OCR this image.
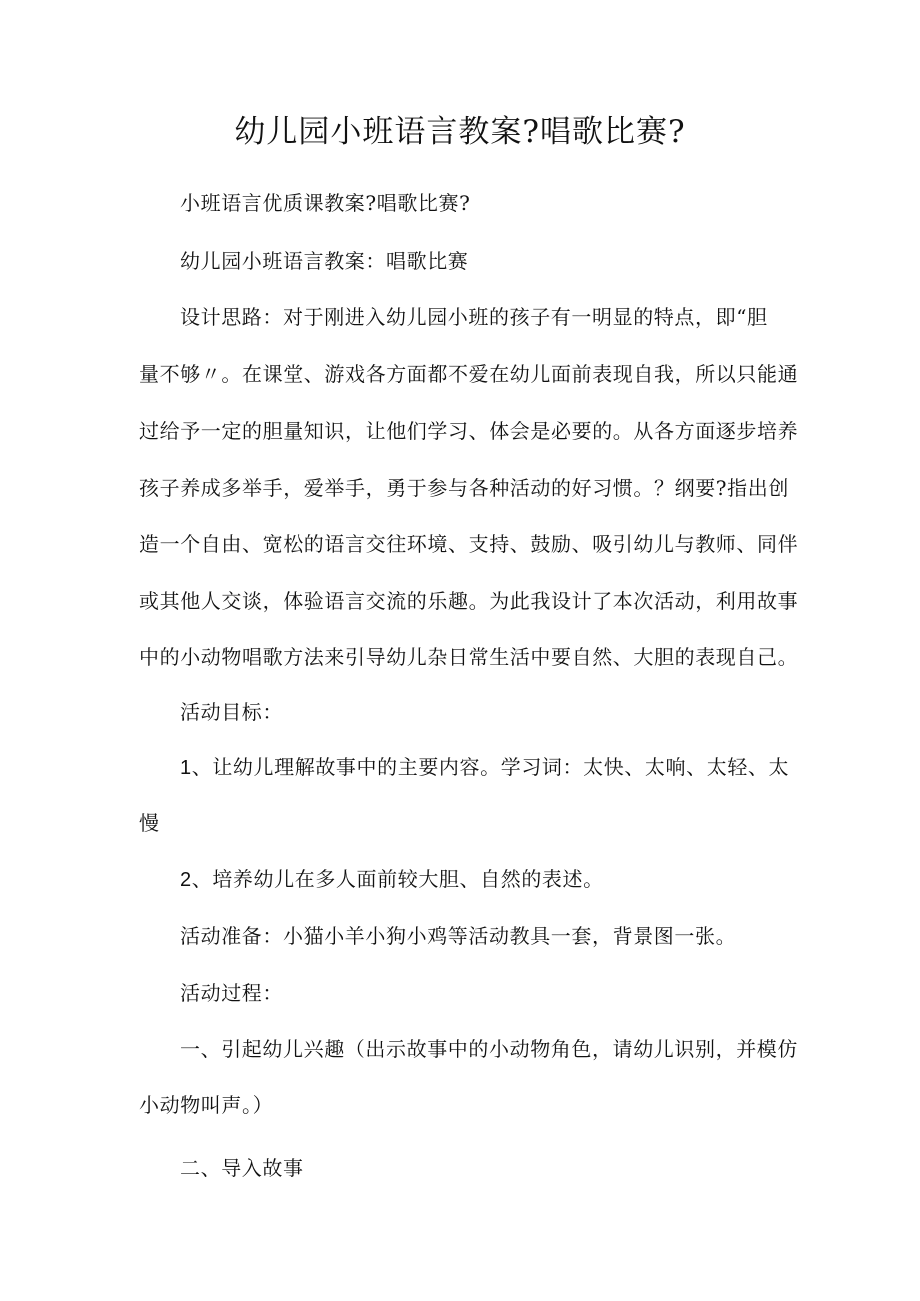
幼儿园小班语言教案?唱歌比赛?
小班语言优质课教案?唱歌比赛?
幼儿园小班语言教案：唱歌比赛
设计思路：对于刚进入幼儿园小班的孩子有一明显的特点，即“胆
量不够〃。在课堂、游戏各方面都不爱在幼儿面前表现自我，所以只能通
过给予一定的胆量知识，让他们学习、体会是必要的。从各方面逐步培养
孩子养成多举手，爱举手，勇于参与各种活动的好习惯。？纲要?指出创
造一个自由、宽松的语言交往环境、支持、鼓励、吸引幼儿与教师、同伴
或其他人交谈，体验语言交流的乐趣。为此我设计了本次活动，利用故事
中的小动物唱歌方法来引导幼儿杂日常生活中要自然、大胆的表现自己。
活动目标：
1、让幼儿理解故事中的主要内容。学习词：太快、太响、太轻、太
慢
2、培养幼儿在多人面前较大胆、自然的表述。
活动准备：小猫小羊小狗小鸡等活动教具一套，背景图一张。
活动过程：
一、引起幼儿兴趣（出示故事中的小动物角色，请幼儿识别，并模仿
小动物叫声。）
二、导入故事
